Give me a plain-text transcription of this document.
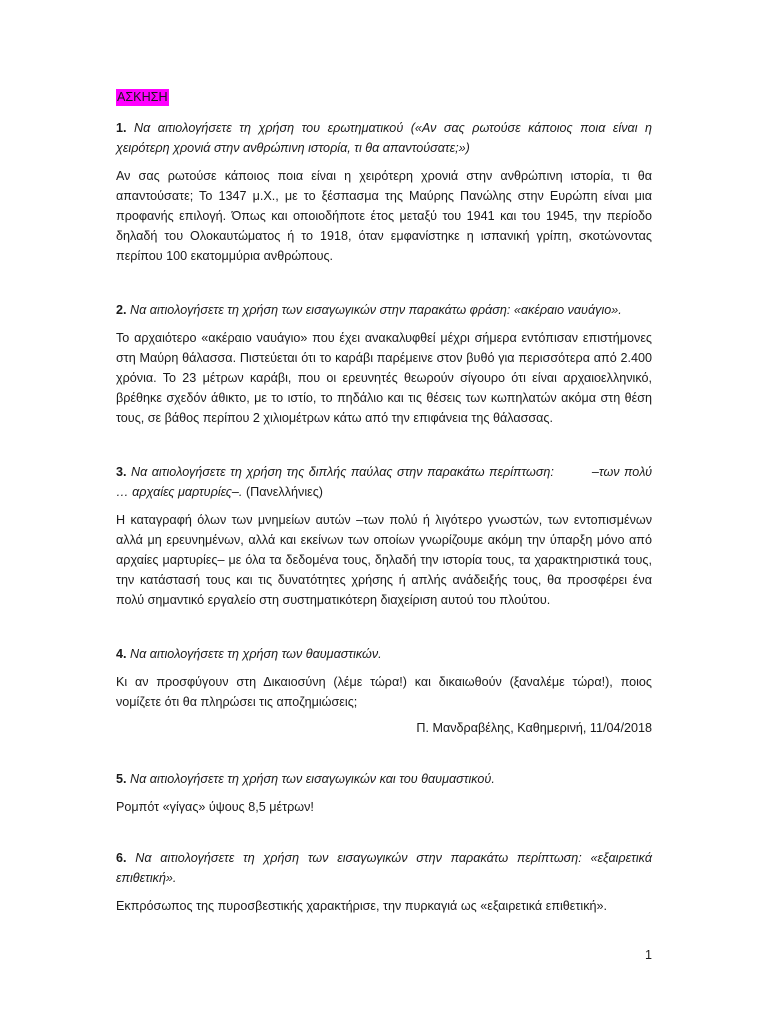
ΑΣΚΗΣΗ

1. Να αιτιολογήσετε τη χρήση του ερωτηματικού («Αν σας ρωτούσε κάποιος ποια είναι η χειρότερη χρονιά στην ανθρώπινη ιστορία, τι θα απαντούσατε;»)

Αν σας ρωτούσε κάποιος ποια είναι η χειρότερη χρονιά στην ανθρώπινη ιστορία, τι θα απαντούσατε; Το 1347 μ.Χ., με το ξέσπασμα της Μαύρης Πανώλης στην Ευρώπη είναι μια προφανής επιλογή. Όπως και οποιοδήποτε έτος μεταξύ του 1941 και του 1945, την περίοδο δηλαδή του Ολοκαυτώματος ή το 1918, όταν εμφανίστηκε η ισπανική γρίπη, σκοτώνοντας περίπου 100 εκατομμύρια ανθρώπους.

2. Να αιτιολογήσετε τη χρήση των εισαγωγικών στην παρακάτω φράση: «ακέραιο ναυάγιο».

Το αρχαιότερο «ακέραιο ναυάγιο» που έχει ανακαλυφθεί μέχρι σήμερα εντόπισαν επιστήμονες στη Μαύρη θάλασσα. Πιστεύεται ότι το καράβι παρέμεινε στον βυθό για περισσότερα από 2.400 χρόνια. Το 23 μέτρων καράβι, που οι ερευνητές θεωρούν σίγουρο ότι είναι αρχαιοελληνικό, βρέθηκε σχεδόν άθικτο, με το ιστίο, το πηδάλιο και τις θέσεις των κωπηλατών ακόμα στη θέση τους, σε βάθος περίπου 2 χιλιομέτρων κάτω από την επιφάνεια της θάλασσας.

3. Να αιτιολογήσετε τη χρήση της διπλής παύλας στην παρακάτω περίπτωση:	–των πολύ … αρχαίες μαρτυρίες–. (Πανελλήνιες)

Η καταγραφή όλων των μνημείων αυτών –των πολύ ή λιγότερο γνωστών, των εντοπισμένων αλλά μη ερευνημένων, αλλά και εκείνων των οποίων γνωρίζουμε ακόμη την ύπαρξη μόνο από αρχαίες μαρτυρίες– με όλα τα δεδομένα τους, δηλαδή την ιστορία τους, τα χαρακτηριστικά τους, την κατάστασή τους και τις δυνατότητες χρήσης ή απλής ανάδειξής τους, θα προσφέρει ένα πολύ σημαντικό εργαλείο στη συστηματικότερη διαχείριση αυτού του πλούτου.

4. Να αιτιολογήσετε τη χρήση των θαυμαστικών.

Κι αν προσφύγουν στη Δικαιοσύνη (λέμε τώρα!) και δικαιωθούν (ξαναλέμε τώρα!), ποιος νομίζετε ότι θα πληρώσει τις αποζημιώσεις;

Π. Μανδραβέλης, Καθημερινή, 11/04/2018

5. Να αιτιολογήσετε τη χρήση των εισαγωγικών και του θαυμαστικού.

Ρομπότ «γίγας» ύψους 8,5 μέτρων!

6. Να αιτιολογήσετε τη χρήση των εισαγωγικών στην παρακάτω περίπτωση: «εξαιρετικά επιθετική».

Εκπρόσωπος της πυροσβεστικής χαρακτήρισε, την πυρκαγιά ως «εξαιρετικά επιθετική».

1
